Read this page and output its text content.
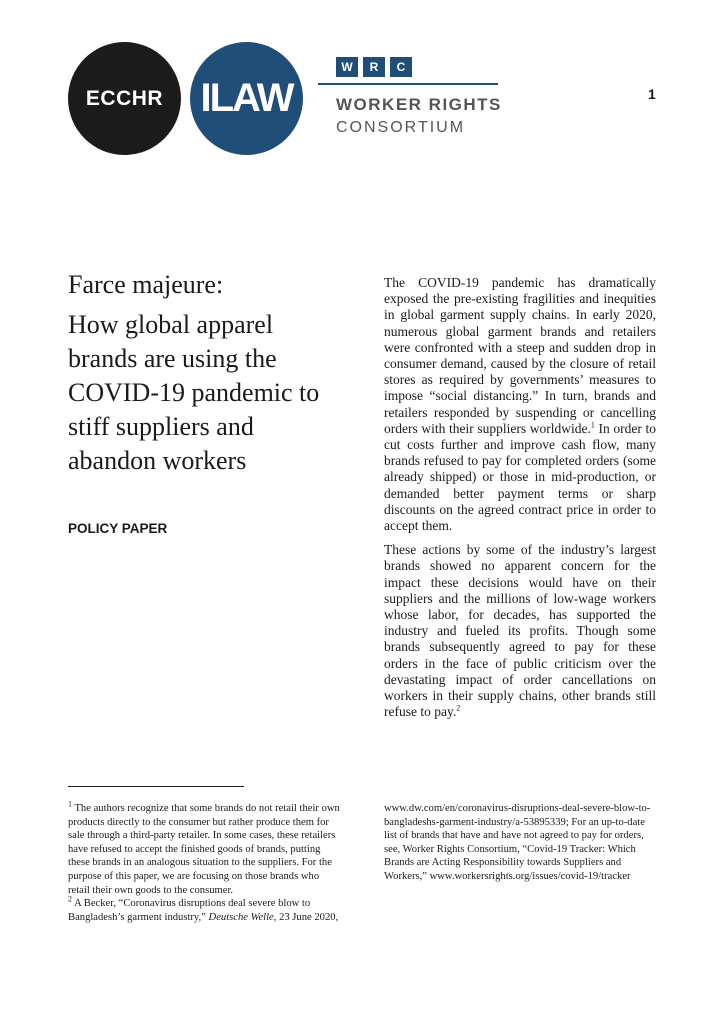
ECCHR ILAW
W	R	C
WORKER RIGHTS
CONSORTIUM
1
Farce majeure:
How global apparel brands are using the COVID-19 pandemic to stiff suppliers and abandon workers
POLICY PAPER

The COVID-19 pandemic has dramatically exposed the pre-existing fragilities and inequities in global garment supply chains. In early 2020, numerous global garment brands and retailers were confronted with a steep and sudden drop in consumer demand, caused by the closure of retail stores as required by governments’ measures to impose “social distancing.” In turn, brands and retailers responded by suspending or cancelling orders with their suppliers worldwide.$^1$ In order to cut costs further and improve cash flow, many brands refused to pay for completed orders (some already shipped) or those in mid-production, or demanded better payment terms or sharp discounts on the agreed contract price in order to accept them.

These actions by some of the industry’s largest brands showed no apparent concern for the impact these decisions would have on their suppliers and the millions of low-wage workers whose labor, for decades, has supported the industry and fueled its profits. Though some brands subsequently agreed to pay for these orders in the face of public criticism over the devastating impact of order cancellations on workers in their supply chains, other brands still refuse to pay.$^2$

$^1$ The authors recognize that some brands do not retail their own products directly to the consumer but rather produce them for sale through a third-party retailer. In some cases, these retailers have refused to accept the finished goods of brands, putting these brands in an analogous situation to the suppliers. For the purpose of this paper, we are focusing on those brands who retail their own goods to the consumer.

$^2$ A Becker, “Coronavirus disruptions deal severe blow to Bangladesh’s garment industry,” Deutsche Welle, 23 June 2020,

www.dw.com/en/coronavirus-disruptions-deal-severe-blow-to-bangladeshs-garment-industry/a-53895339; For an up-to-date list of brands that have and have not agreed to pay for orders, see, Worker Rights Consortium, “Covid-19 Tracker: Which Brands are Acting Responsibility towards Suppliers and Workers,” www.workersrights.org/issues/covid-19/tracker
